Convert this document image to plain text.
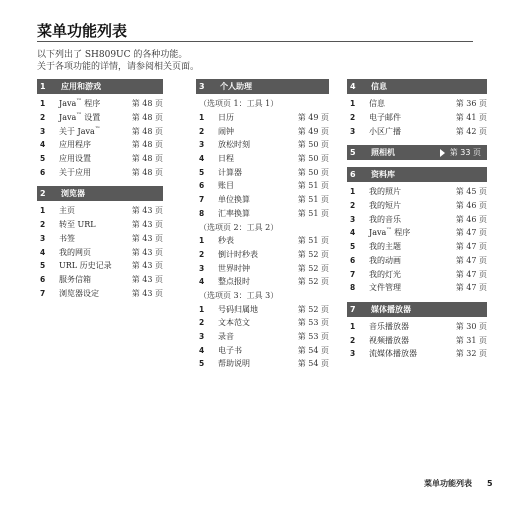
菜单功能列表
以下列出了 SH809UC 的各种功能。
关于各项功能的详情，请参阅相关页面。
1	应用和游戏
1	Java™ 程序	第 48 页
2	Java™ 设置	第 48 页
3	关于 Java™	第 48 页
4	应用程序	第 48 页
5	应用设置	第 48 页
6	关于应用	第 48 页
2	浏览器
1	主页	第 43 页
2	转至 URL	第 43 页
3	书签	第 43 页
4	我的网页	第 43 页
5	URL 历史记录	第 43 页
6	服务信箱	第 43 页
7	浏览器设定	第 43 页
3	个人助理
（选项页 1：工具 1）
1	日历	第 49 页
2	闹钟	第 49 页
3	放松时刻	第 50 页
4	日程	第 50 页
5	计算器	第 50 页
6	账目	第 51 页
7	单位换算	第 51 页
8	汇率换算	第 51 页
（选项页 2：工具 2）
1	秒表	第 51 页
2	倒计时秒表	第 52 页
3	世界时钟	第 52 页
4	整点报时	第 52 页
（选项页 3：工具 3）
1	号码归属地	第 52 页
2	文本范文	第 53 页
3	录音	第 53 页
4	电子书	第 54 页
5	帮助说明	第 54 页
4	信息
1	信息	第 36 页
2	电子邮件	第 41 页
3	小区广播	第 42 页
5	照相机	第 33 页
6	资料库
1	我的照片	第 45 页
2	我的短片	第 46 页
3	我的音乐	第 46 页
4	Java™ 程序	第 47 页
5	我的主题	第 47 页
6	我的动画	第 47 页
7	我的灯光	第 47 页
8	文件管理	第 47 页
7	媒体播放器
1	音乐播放器	第 30 页
2	视频播放器	第 31 页
3	流媒体播放器	第 32 页
菜单功能列表 5
